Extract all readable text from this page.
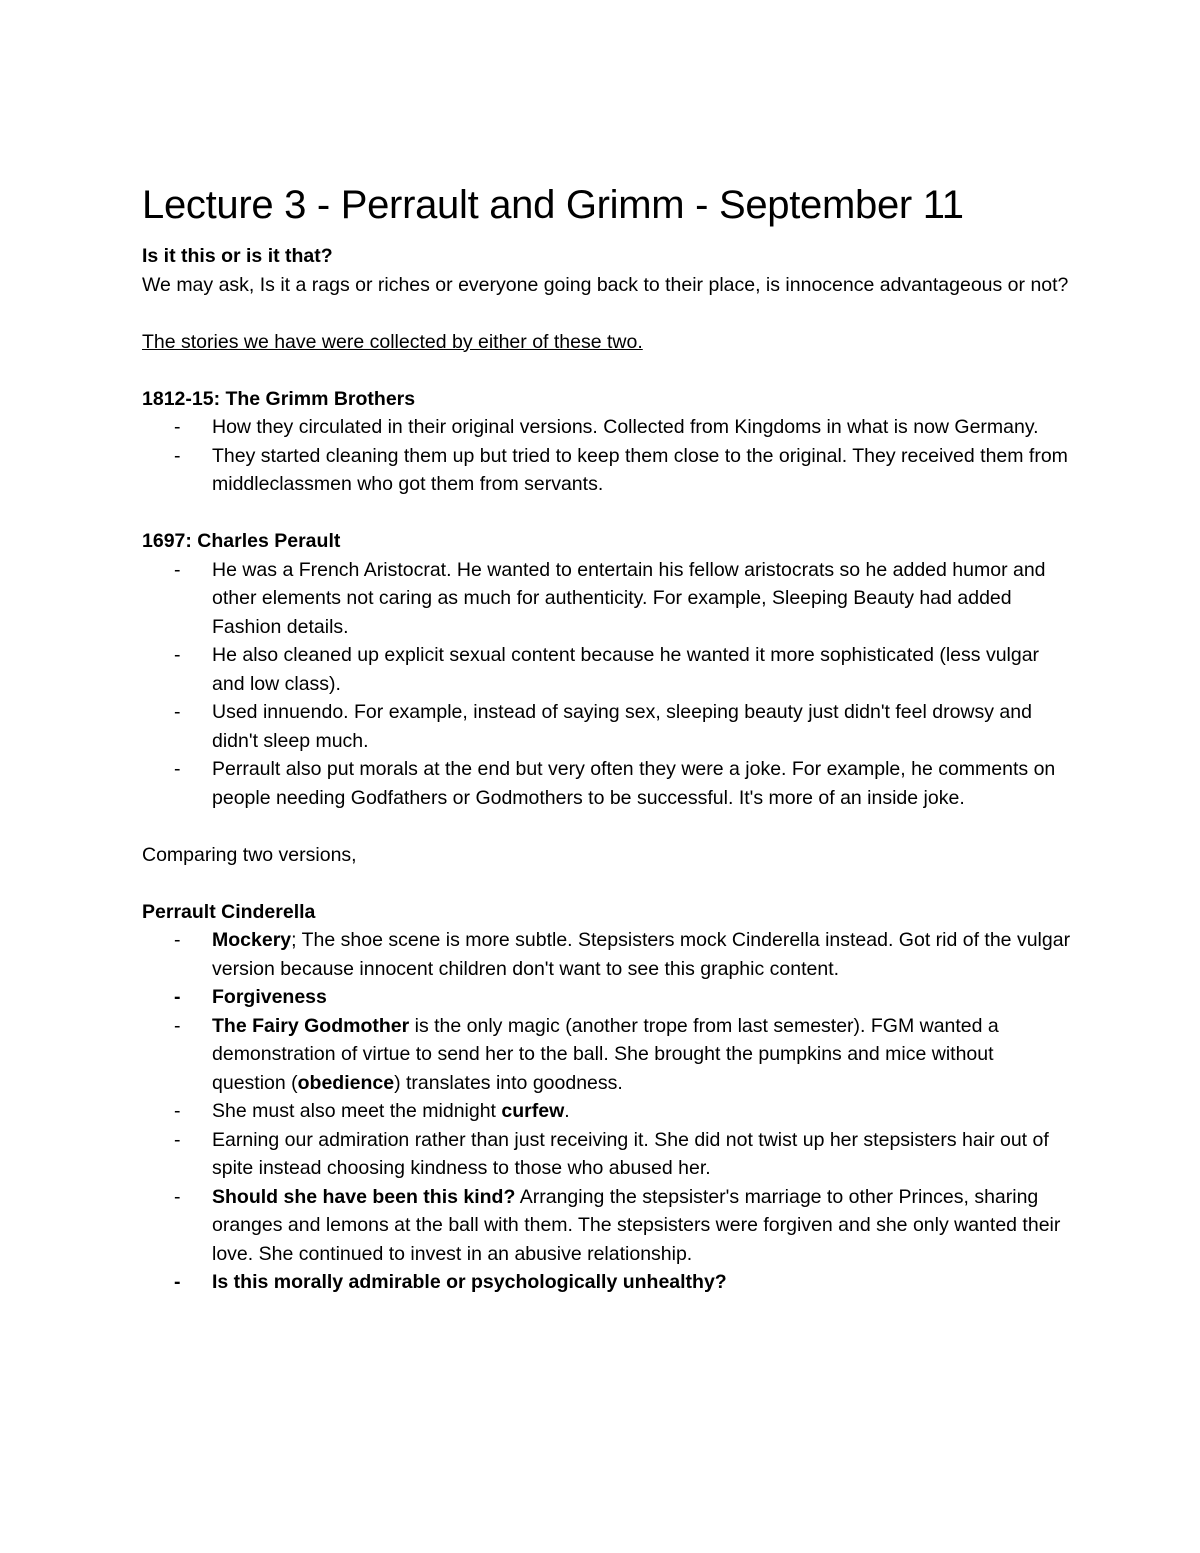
Lecture 3 - Perrault and Grimm - September 11

Is it this or is it that?

We may ask, Is it a rags or riches or everyone going back to their place, is innocence advantageous or not?

The stories we have were collected by either of these two.

1812-15: The Grimm Brothers

- How they circulated in their original versions. Collected from Kingdoms in what is now Germany.
- They started cleaning them up but tried to keep them close to the original. They received them from middleclassmen who got them from servants.

1697: Charles Perault

- He was a French Aristocrat. He wanted to entertain his fellow aristocrats so he added humor and other elements not caring as much for authenticity. For example, Sleeping Beauty had added Fashion details.
- He also cleaned up explicit sexual content because he wanted it more sophisticated (less vulgar and low class).
- Used innuendo. For example, instead of saying sex, sleeping beauty just didn't feel drowsy and didn't sleep much.
- Perrault also put morals at the end but very often they were a joke. For example, he comments on people needing Godfathers or Godmothers to be successful. It's more of an inside joke.

Comparing two versions,

Perrault Cinderella

- Mockery; The shoe scene is more subtle. Stepsisters mock Cinderella instead. Got rid of the vulgar version because innocent children don't want to see this graphic content.
- Forgiveness
- The Fairy Godmother is the only magic (another trope from last semester). FGM wanted a demonstration of virtue to send her to the ball. She brought the pumpkins and mice without question (obedience) translates into goodness.
- She must also meet the midnight curfew.
- Earning our admiration rather than just receiving it. She did not twist up her stepsisters hair out of spite instead choosing kindness to those who abused her.
- Should she have been this kind? Arranging the stepsister's marriage to other Princes, sharing oranges and lemons at the ball with them. The stepsisters were forgiven and she only wanted their love. She continued to invest in an abusive relationship.
- Is this morally admirable or psychologically unhealthy?
